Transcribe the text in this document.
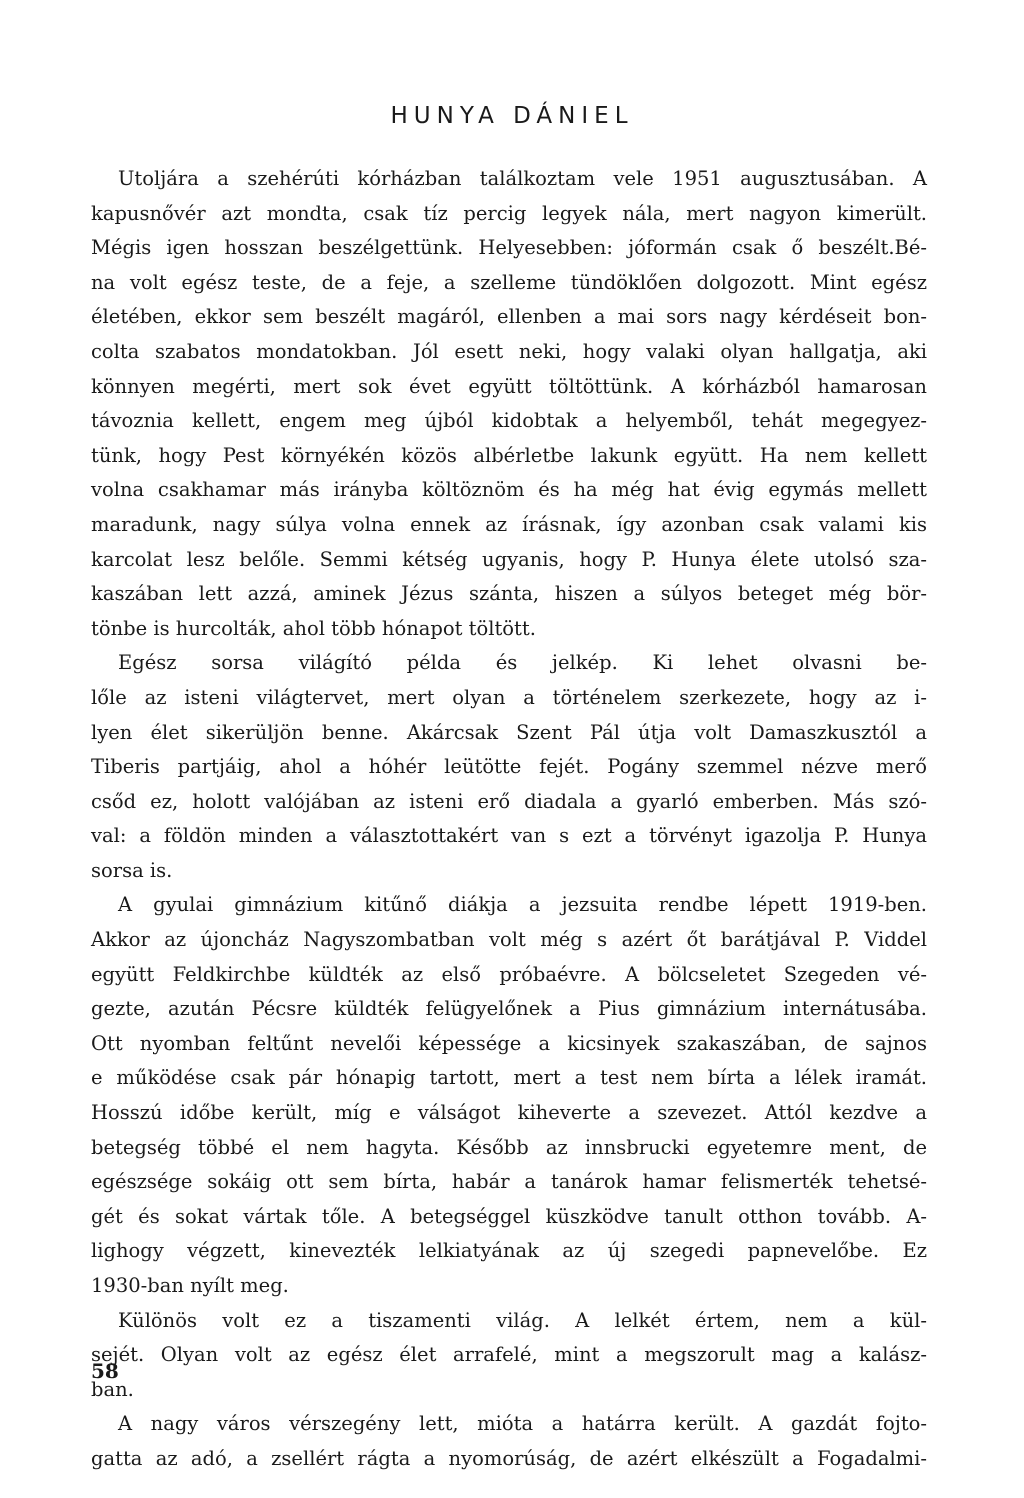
HUNYA DÁNIEL
Utoljára a szehérúti kórházban találkoztam vele 1951 augusztusában. A
kapusnővér azt mondta, csak tíz percig legyek nála, mert nagyon kimerült.
Mégis igen hosszan beszélgettünk. Helyesebben: jóformán csak ő beszélt.Bé-
na volt egész teste, de a feje, a szelleme tündöklően dolgozott. Mint egész
életében, ekkor sem beszélt magáról, ellenben a mai sors nagy kérdéseit bon-
colta szabatos mondatokban. Jól esett neki, hogy valaki olyan hallgatja, aki
könnyen megérti, mert sok évet együtt töltöttünk. A kórházból hamarosan
távoznia kellett, engem meg újból kidobtak a helyemből, tehát megegyez-
tünk, hogy Pest környékén közös albérletbe lakunk együtt. Ha nem kellett
volna csakhamar más irányba költöznöm és ha még hat évig egymás mellett
maradunk, nagy súlya volna ennek az írásnak, így azonban csak valami kis
karcolat lesz belőle. Semmi kétség ugyanis, hogy P. Hunya élete utolsó sza-
kaszában lett azzá, aminek Jézus szánta, hiszen a súlyos beteget még bör-
tönbe is hurcolták, ahol több hónapot töltött.
Egész sorsa világító példa és jelkép. Ki lehet olvasni be-
lőle az isteni világtervet, mert olyan a történelem szerkezete, hogy az i-
lyen élet sikerüljön benne. Akárcsak Szent Pál útja volt Damaszkusztól a
Tiberis partjáig, ahol a hóhér leütötte fejét. Pogány szemmel nézve merő
csőd ez, holott valójában az isteni erő diadala a gyarló emberben. Más szó-
val: a földön minden a választottakért van s ezt a törvényt igazolja P. Hunya
sorsa is.
A gyulai gimnázium kitűnő diákja a jezsuita rendbe lépett 1919-ben.
Akkor az újoncház Nagyszombatban volt még s azért őt barátjával P. Viddel
együtt Feldkirchbe küldték az első próbaévre. A bölcseletet Szegeden vé-
gezte, azután Pécsre küldték felügyelőnek a Pius gimnázium internátusába.
Ott nyomban feltűnt nevelői képessége a kicsinyek szakaszában, de sajnos
e működése csak pár hónapig tartott, mert a test nem bírta a lélek iramát.
Hosszú időbe került, míg e válságot kiheverte a szevezet. Attól kezdve a
betegség többé el nem hagyta. Később az innsbrucki egyetemre ment, de
egészsége sokáig ott sem bírta, habár a tanárok hamar felismerték tehetsé-
gét és sokat vártak tőle. A betegséggel küszködve tanult otthon tovább. A-
lighogy végzett, kinevezték lelkiatyának az új szegedi papnevelőbe. Ez
1930-ban nyílt meg.
Különös volt ez a tiszamenti világ. A lelkét értem, nem a kül-
sejét. Olyan volt az egész élet arrafelé, mint a megszorult mag a kalász-
ban.
A nagy város vérszegény lett, mióta a határra került. A gazdát fojto-
gatta az adó, a zsellért rágta a nyomorúság, de azért elkészült a Fogadalmi-
58
